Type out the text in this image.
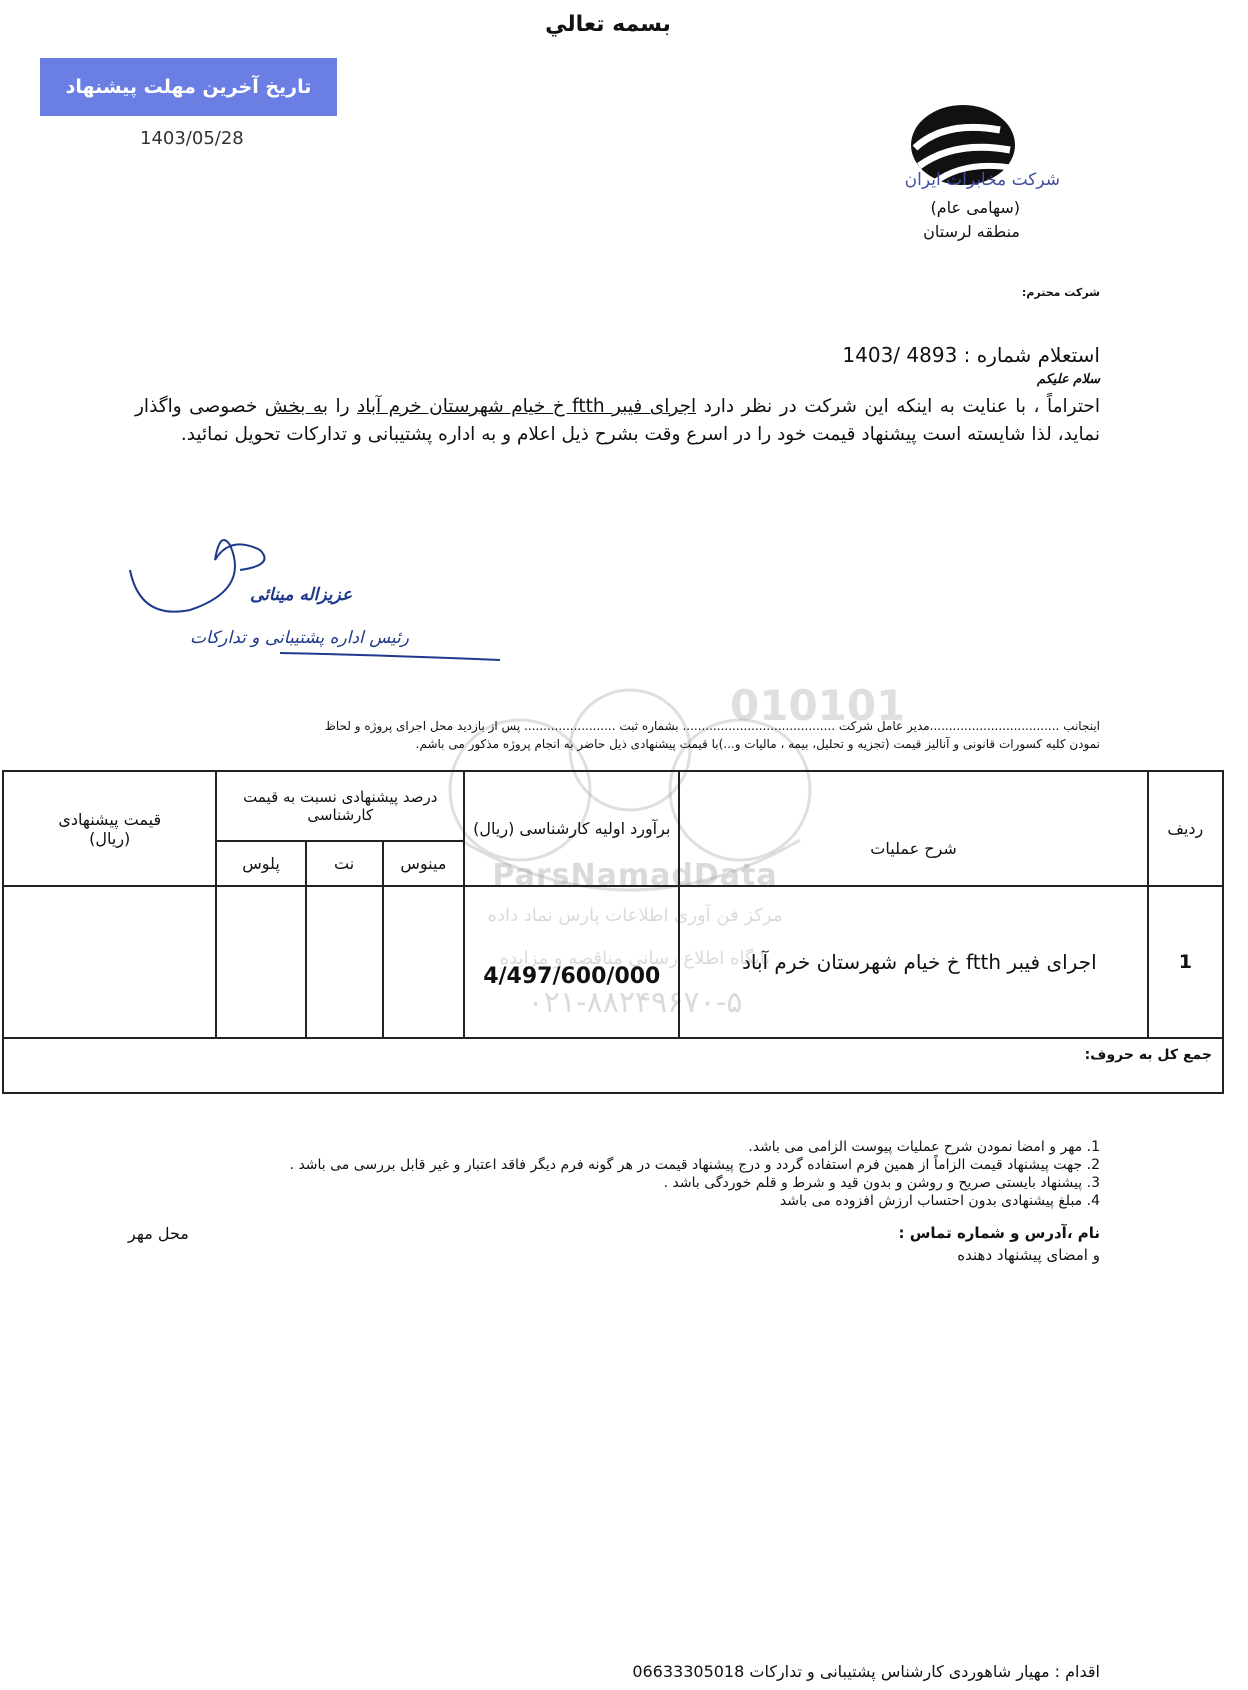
بسمه تعالي
تاریخ آخرین مهلت پیشنهاد
1403/05/28
شرکت مخابرات ایران
(سهامی عام)
منطقه لرستان
شرکت محترم:
استعلام شماره : 4893 /1403
سلام علیکم
احتراماً ، با عنایت به اینکه این شرکت در نظر دارد اجرای فیبر ftth خ خیام شهرستان خرم آباد را به بخش خصوصی واگذار نماید، لذا شایسته است پیشنهاد قیمت خود را در اسرع وقت بشرح ذیل اعلام و به اداره پشتیبانی و تدارکات تحویل نمائید.
عزیزاله مینائی
رئیس اداره پشتیبانی و تدارکات
010101
ParsNamadData
مرکز فن آوری اطلاعات پارس نماد داده
پایگاه اطلاع رسانی مناقصه و مزایده
۰۲۱-۸۸۲۴۹۶۷۰-۵
اینجانب ..................................مدیر عامل شرکت ........................................ بشماره ثبت ........................ پس از بازدید محل اجرای پروژه و لحاظ
نمودن کلیه کسورات قانونی و آنالیز قیمت (تجزیه و تحلیل، بیمه ، مالیات و...)با قیمت پیشنهادی ذیل حاضر به انجام پروژه مذکور می باشم.
ردیف	شرح عملیات	برآورد اولیه کارشناسی (ریال)	درصد پیشنهادی نسبت به قیمت کارشناسی			قیمت پیشنهادی
(ریال)

			مینوس	نت	پلوس	
1	اجرای فیبر ftth خ خیام شهرستان خرم آباد	4/497/600/000				
جمع کل به حروف:						
1. مهر و امضا نمودن شرح عملیات پیوست الزامی می باشد.
2. جهت پیشنهاد قیمت الزاماً از همین فرم استفاده گردد و درج پیشنهاد قیمت در هر گونه فرم دیگر فاقد اعتبار و غیر قابل بررسی می باشد .
3. پیشنهاد بایستی صریح و روشن و بدون قید و شرط و قلم خوردگی باشد .
4. مبلغ پیشنهادی بدون احتساب ارزش افزوده می باشد
نام ،آدرس و شماره تماس :
و امضای پیشنهاد دهنده
محل مهر
اقدام : مهیار شاهوردی کارشناس پشتیبانی و تدارکات 06633305018
